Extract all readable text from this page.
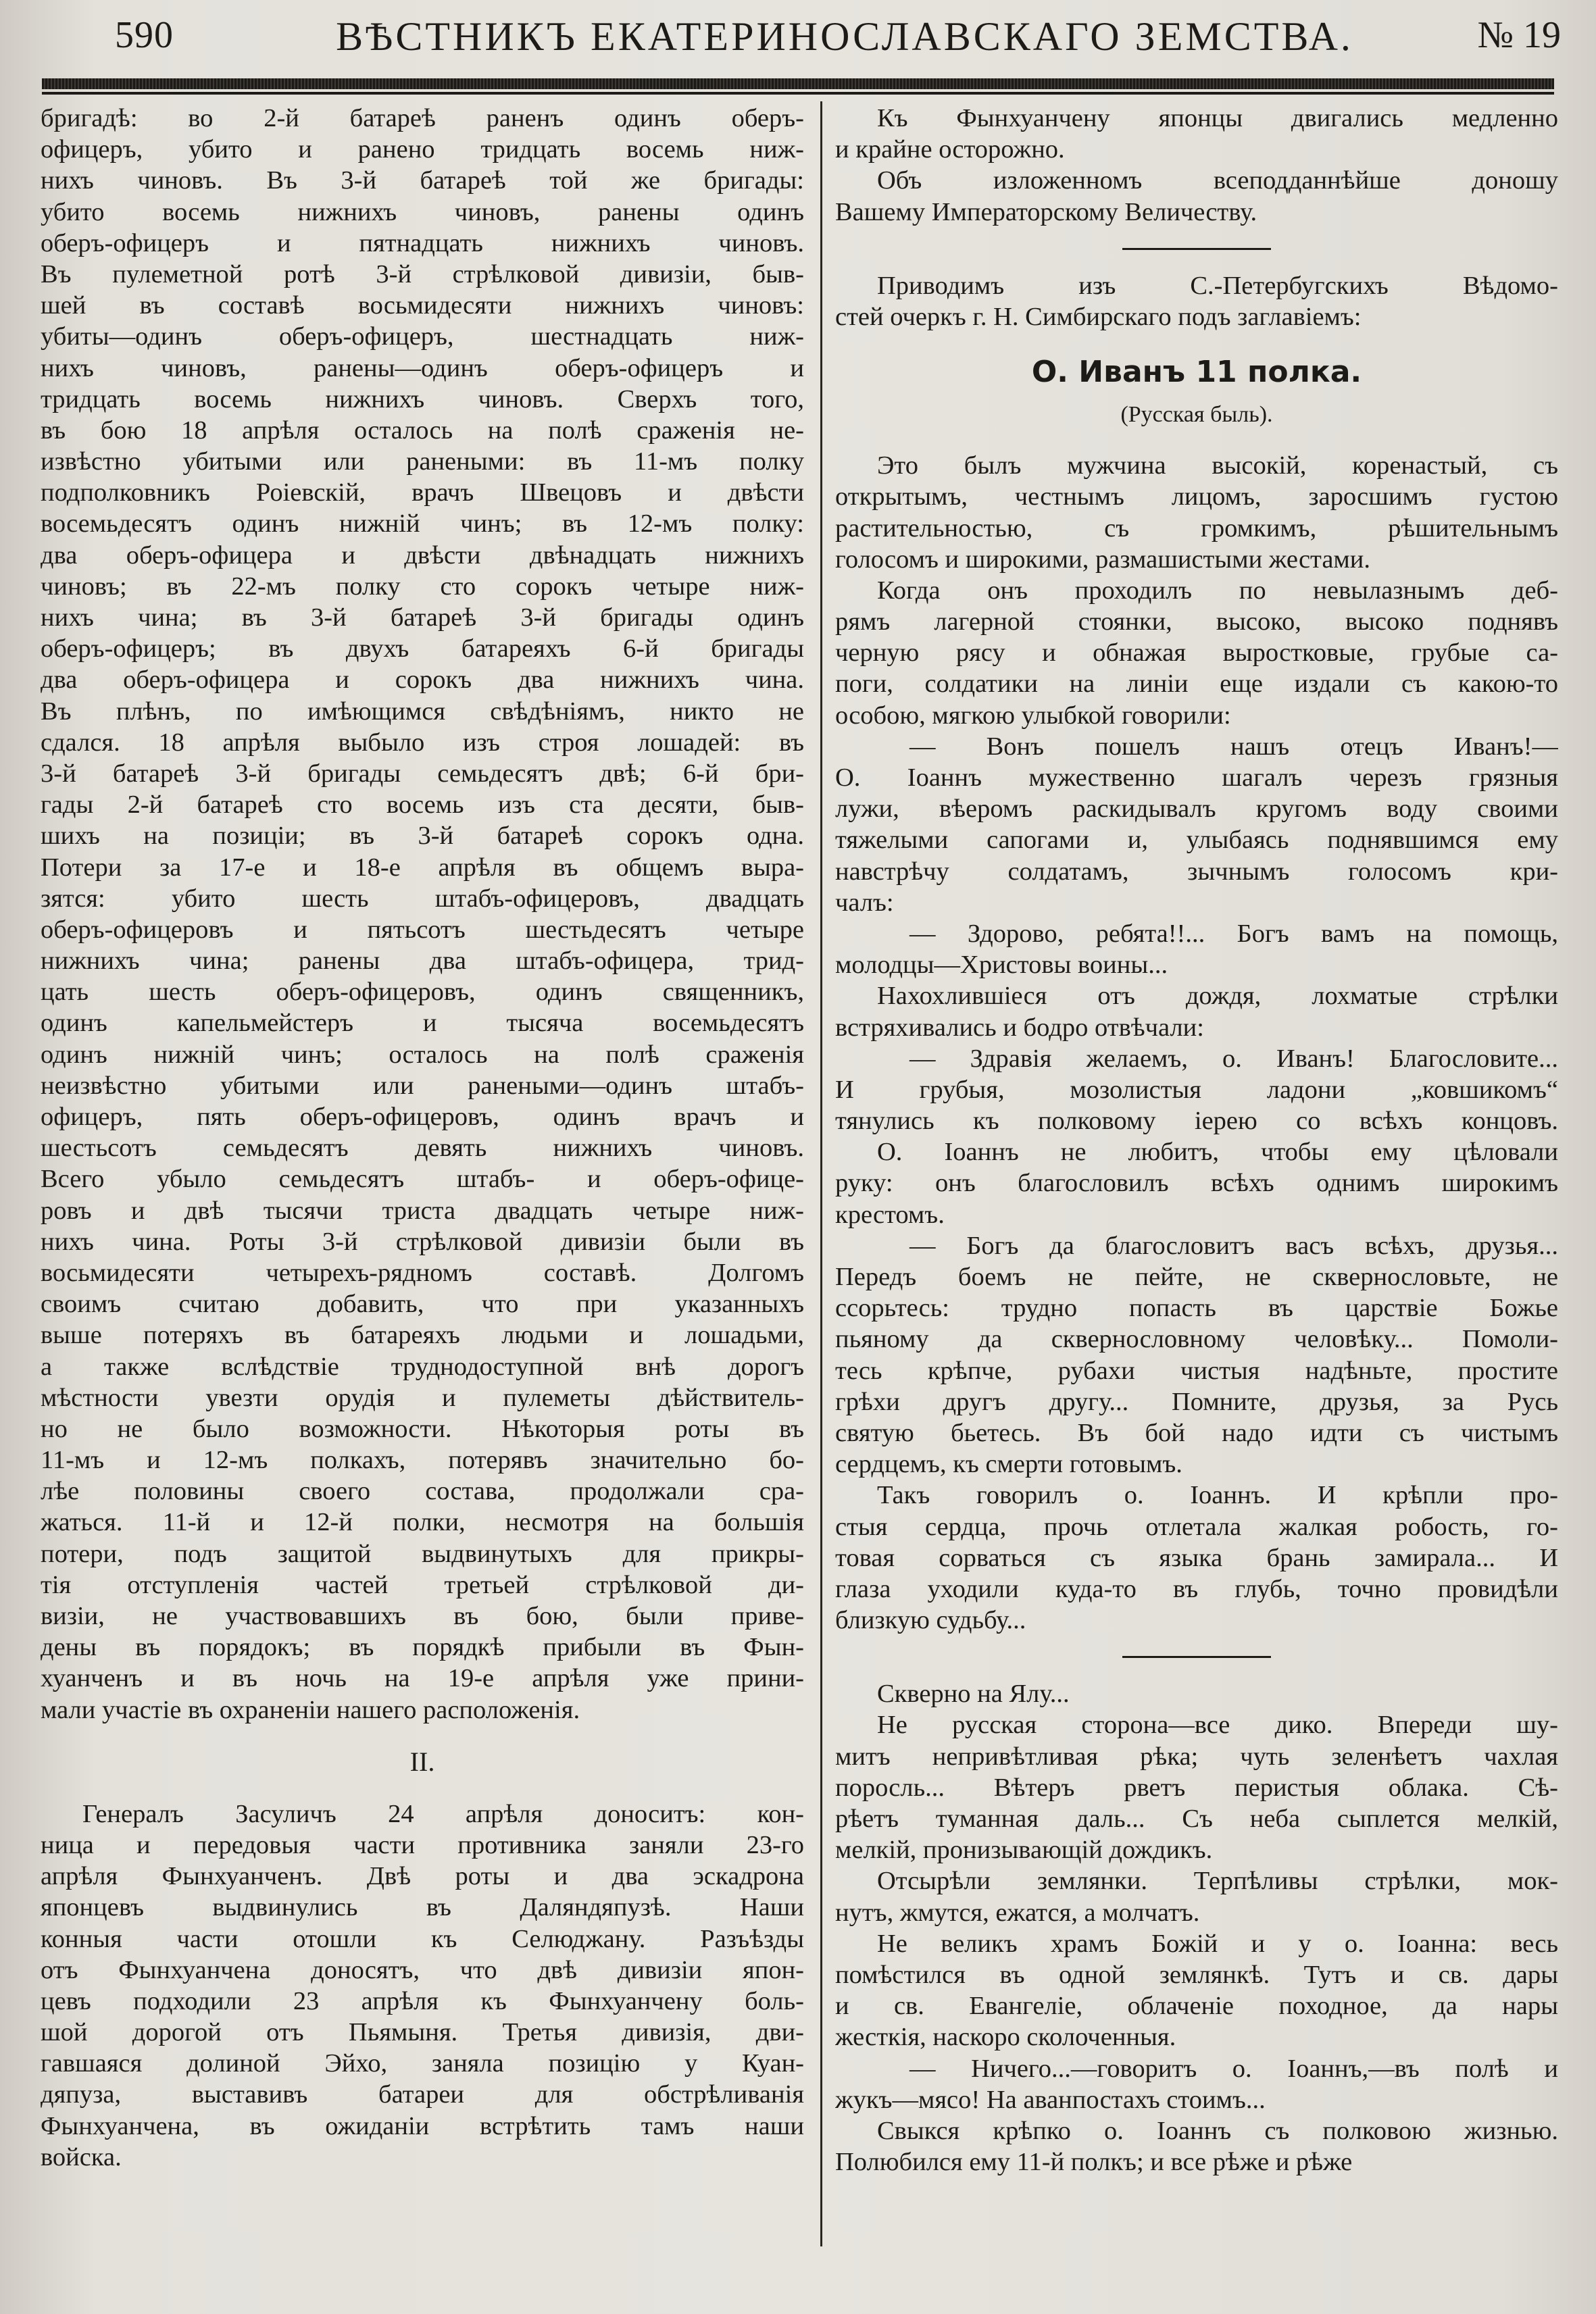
590	ВѢСТНИКЪ ЕКАТЕРИНОСЛАВСКАГО ЗЕМСТВА.	№ 19
бригадѣ: во 2-й батареѣ раненъ одинъ оберъ-
офицеръ, убито и ранено тридцать восемь ниж-
нихъ чиновъ. Въ 3-й батареѣ той же бригады:
убито восемь нижнихъ чиновъ, ранены одинъ
оберъ-офицеръ и пятнадцать нижнихъ чиновъ.
Въ пулеметной ротѣ 3-й стрѣлковой дивизіи, быв-
шей въ составѣ восьмидесяти нижнихъ чиновъ:
убиты—одинъ оберъ-офицеръ, шестнадцать ниж-
нихъ чиновъ, ранены—одинъ оберъ-офицеръ и
тридцать восемь нижнихъ чиновъ. Сверхъ того,
въ бою 18 апрѣля осталось на полѣ сраженія не-
извѣстно убитыми или ранеными: въ 11-мъ полку
подполковникъ Роіевскій, врачъ Швецовъ и двѣсти
восемьдесятъ одинъ нижній чинъ; въ 12-мъ полку:
два оберъ-офицера и двѣсти двѣнадцать нижнихъ
чиновъ; въ 22-мъ полку сто сорокъ четыре ниж-
нихъ чина; въ 3-й батареѣ 3-й бригады одинъ
оберъ-офицеръ; въ двухъ батареяхъ 6-й бригады
два оберъ-офицера и сорокъ два нижнихъ чина.
Въ плѣнъ, по имѣющимся свѣдѣніямъ, никто не
сдался. 18 апрѣля выбыло изъ строя лошадей: въ
3-й батареѣ 3-й бригады семьдесятъ двѣ; 6-й бри-
гады 2-й батареѣ сто восемь изъ ста десяти, быв-
шихъ на позиціи; въ 3-й батареѣ сорокъ одна.
Потери за 17-е и 18-е апрѣля въ общемъ выра-
зятся: убито шесть штабъ-офицеровъ, двадцать
оберъ-офицеровъ и пятьсотъ шестьдесятъ четыре
нижнихъ чина; ранены два штабъ-офицера, трид-
цать шесть оберъ-офицеровъ, одинъ священникъ,
одинъ капельмейстеръ и тысяча восемьдесятъ
одинъ нижній чинъ; осталось на полѣ сраженія
неизвѣстно убитыми или ранеными—одинъ штабъ-
офицеръ, пять оберъ-офицеровъ, одинъ врачъ и
шестьсотъ семьдесятъ девять нижнихъ чиновъ.
Всего убыло семьдесятъ штабъ- и оберъ-офице-
ровъ и двѣ тысячи триста двадцать четыре ниж-
нихъ чина. Роты 3-й стрѣлковой дивизіи были въ
восьмидесяти четырехъ-рядномъ составѣ. Долгомъ
своимъ считаю добавить, что при указанныхъ
выше потеряхъ въ батареяхъ людьми и лошадьми,
а также вслѣдствіе труднодоступной внѣ дорогъ
мѣстности увезти орудія и пулеметы дѣйствитель-
но не было возможности. Нѣкоторыя роты въ
11-мъ и 12-мъ полкахъ, потерявъ значительно бо-
лѣе половины своего состава, продолжали сра-
жаться. 11-й и 12-й полки, несмотря на большія
потери, подъ защитой выдвинутыхъ для прикры-
тія отступленія частей третьей стрѣлковой ди-
визіи, не участвовавшихъ въ бою, были приве-
дены въ порядокъ; въ порядкѣ прибыли въ Фын-
хуанченъ и въ ночь на 19-е апрѣля уже прини-
мали участіе въ охраненіи нашего расположенія.
II.
Генералъ Засуличъ 24 апрѣля доноситъ: кон-
ница и передовыя части противника заняли 23-го
апрѣля Фынхуанченъ. Двѣ роты и два эскадрона
японцевъ выдвинулись въ Даляндяпузѣ. Наши
конныя части отошли къ Селюджану. Разъѣзды
отъ Фынхуанчена доносятъ, что двѣ дивизіи япон-
цевъ подходили 23 апрѣля къ Фынхуанчену боль-
шой дорогой отъ Пьямыня. Третья дивизія, дви-
гавшаяся долиной Эйхо, заняла позицію у Куан-
дяпуза, выставивъ батареи для обстрѣливанія
Фынхуанчена, въ ожиданіи встрѣтить тамъ наши
войска.
Къ Фынхуанчену японцы двигались медленно
и крайне осторожно.
Объ изложенномъ всеподданнѣйше доношу
Вашему Императорскому Величеству.
Приводимъ изъ С.-Петербугскихъ Вѣдомо-
стей очеркъ г. Н. Симбирскаго подъ заглавіемъ:
О. Иванъ 11 полка.
(Русская быль).
Это былъ мужчина высокій, коренастый, съ
открытымъ, честнымъ лицомъ, заросшимъ густою
растительностью, съ громкимъ, рѣшительнымъ
голосомъ и широкими, размашистыми жестами.
Когда онъ проходилъ по невылазнымъ деб-
рямъ лагерной стоянки, высоко, высоко поднявъ
черную рясу и обнажая выростковые, грубые са-
поги, солдатики на линіи еще издали съ какою-то
особою, мягкою улыбкой говорили:
— Вонъ пошелъ нашъ отецъ Иванъ!—
О. Іоаннъ мужественно шагалъ черезъ грязныя
лужи, вѣеромъ раскидывалъ кругомъ воду своими
тяжелыми сапогами и, улыбаясь поднявшимся ему
навстрѣчу солдатамъ, зычнымъ голосомъ кри-
чалъ:
— Здорово, ребята!!... Богъ вамъ на помощь,
молодцы—Христовы воины...
Нахохлившіеся отъ дождя, лохматые стрѣлки
встряхивались и бодро отвѣчали:
— Здравія желаемъ, о. Иванъ! Благословите...
И грубыя, мозолистыя ладони „ковшикомъ“
тянулись къ полковому іерею со всѣхъ концовъ.
О. Іоаннъ не любитъ, чтобы ему цѣловали
руку: онъ благословилъ всѣхъ однимъ широкимъ
крестомъ.
— Богъ да благословитъ васъ всѣхъ, друзья...
Передъ боемъ не пейте, не сквернословьте, не
ссорьтесь: трудно попасть въ царствіе Божье
пьяному да сквернословному человѣку... Помоли-
тесь крѣпче, рубахи чистыя надѣньте, простите
грѣхи другъ другу... Помните, друзья, за Русь
святую бьетесь. Въ бой надо идти съ чистымъ
сердцемъ, къ смерти готовымъ.
Такъ говорилъ о. Іоаннъ. И крѣпли про-
стыя сердца, прочь отлетала жалкая робость, го-
товая сорваться съ языка брань замирала... И
глаза уходили куда-то въ глубь, точно провидѣли
близкую судьбу...
Скверно на Ялу...
Не русская сторона—все дико. Впереди шу-
митъ непривѣтливая рѣка; чуть зеленѣетъ чахлая
поросль... Вѣтеръ рветъ перистыя облака. Сѣ-
рѣетъ туманная даль... Съ неба сыплется мелкій,
мелкій, пронизывающій дождикъ.
Отсырѣли землянки. Терпѣливы стрѣлки, мок-
нутъ, жмутся, ежатся, а молчатъ.
Не великъ храмъ Божій и у о. Іоанна: весь
помѣстился въ одной землянкѣ. Тутъ и св. дары
и св. Евангеліе, облаченіе походное, да нары
жесткія, наскоро сколоченныя.
— Ничего...—говоритъ о. Іоаннъ,—въ полѣ и
жукъ—мясо! На аванпостахъ стоимъ...
Свыкся крѣпко о. Іоаннъ съ полковою жизнью.
Полюбился ему 11-й полкъ; и все рѣже и рѣже
